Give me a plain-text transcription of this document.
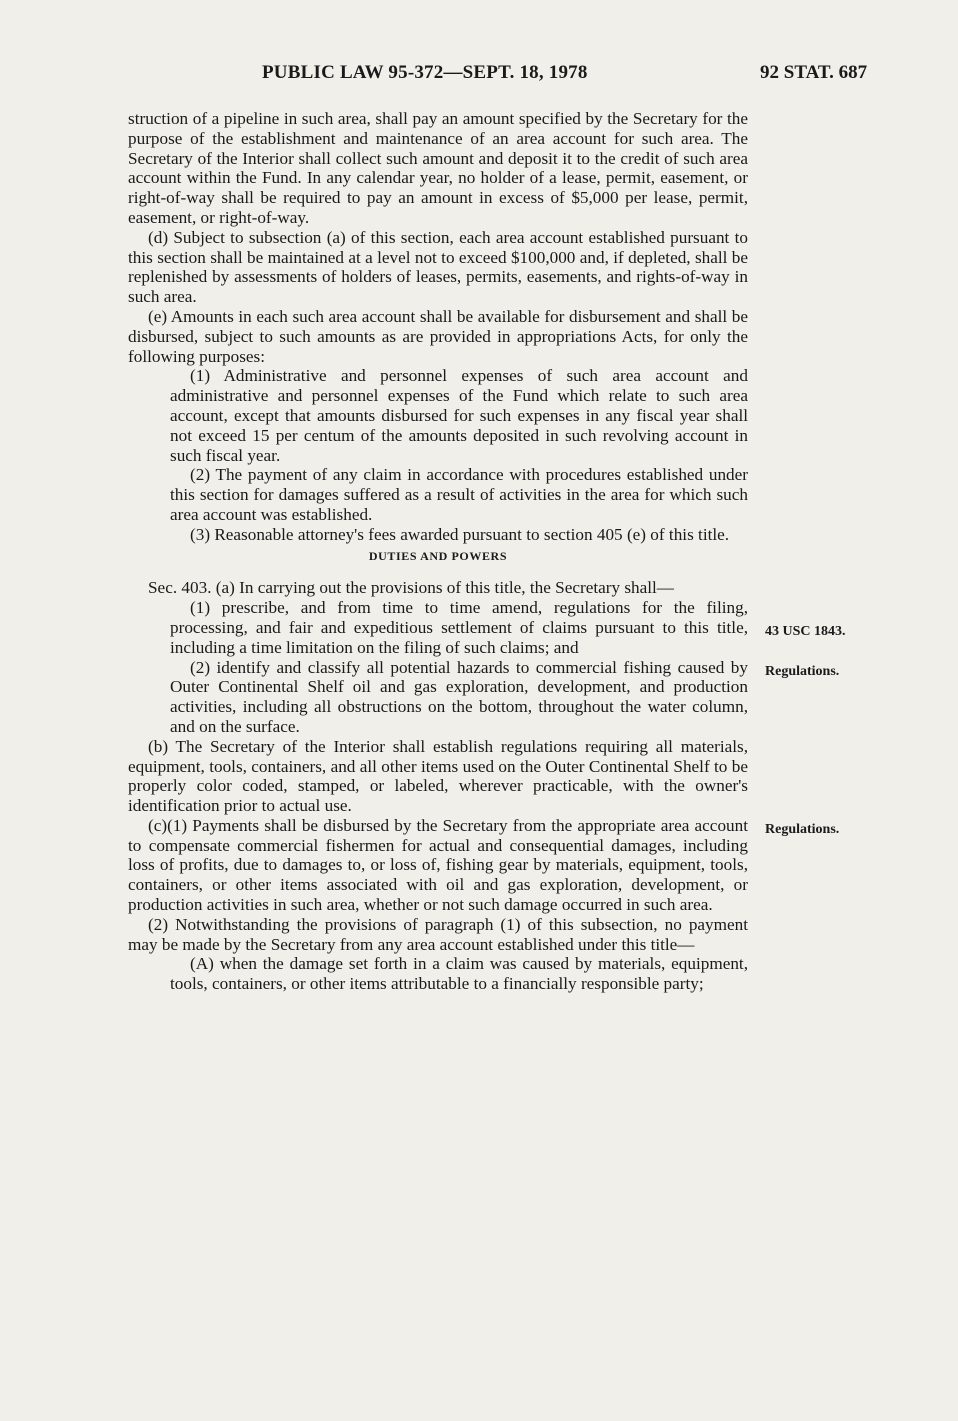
PUBLIC LAW 95-372—SEPT. 18, 1978	92 STAT. 687

struction of a pipeline in such area, shall pay an amount specified by the Secretary for the purpose of the establishment and maintenance of an area account for such area. The Secretary of the Interior shall collect such amount and deposit it to the credit of such area account within the Fund. In any calendar year, no holder of a lease, permit, easement, or right-of-way shall be required to pay an amount in excess of $5,000 per lease, permit, easement, or right-of-way.

(d) Subject to subsection (a) of this section, each area account established pursuant to this section shall be maintained at a level not to exceed $100,000 and, if depleted, shall be replenished by assessments of holders of leases, permits, easements, and rights-of-way in such area.

(e) Amounts in each such area account shall be available for disbursement and shall be disbursed, subject to such amounts as are provided in appropriations Acts, for only the following purposes:

(1) Administrative and personnel expenses of such area account and administrative and personnel expenses of the Fund which relate to such area account, except that amounts disbursed for such expenses in any fiscal year shall not exceed 15 per centum of the amounts deposited in such revolving account in such fiscal year.

(2) The payment of any claim in accordance with procedures established under this section for damages suffered as a result of activities in the area for which such area account was established.

(3) Reasonable attorney's fees awarded pursuant to section 405 (e) of this title.

DUTIES AND POWERS

Sec. 403. (a) In carrying out the provisions of this title, the Secretary shall—

(1) prescribe, and from time to time amend, regulations for the filing, processing, and fair and expeditious settlement of claims pursuant to this title, including a time limitation on the filing of such claims; and

(2) identify and classify all potential hazards to commercial fishing caused by Outer Continental Shelf oil and gas exploration, development, and production activities, including all obstructions on the bottom, throughout the water column, and on the surface.

(b) The Secretary of the Interior shall establish regulations requiring all materials, equipment, tools, containers, and all other items used on the Outer Continental Shelf to be properly color coded, stamped, or labeled, wherever practicable, with the owner's identification prior to actual use.

(c)(1) Payments shall be disbursed by the Secretary from the appropriate area account to compensate commercial fishermen for actual and consequential damages, including loss of profits, due to damages to, or loss of, fishing gear by materials, equipment, tools, containers, or other items associated with oil and gas exploration, development, or production activities in such area, whether or not such damage occurred in such area.

(2) Notwithstanding the provisions of paragraph (1) of this subsection, no payment may be made by the Secretary from any area account established under this title—

(A) when the damage set forth in a claim was caused by materials, equipment, tools, containers, or other items attributable to a financially responsible party;

43 USC 1843.
Regulations.
Regulations.
